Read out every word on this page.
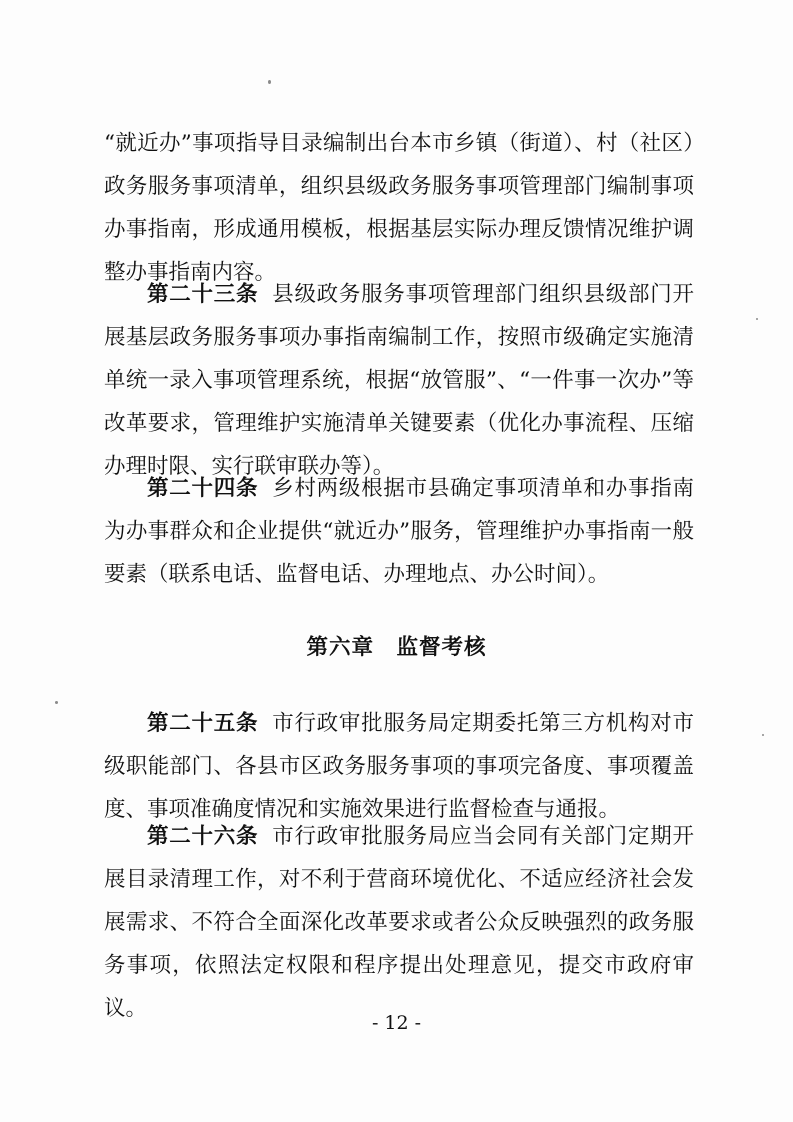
“就近办”事项指导目录编制出台本市乡镇（街道）、村（社区）政务服务事项清单，组织县级政务服务事项管理部门编制事项办事指南，形成通用模板，根据基层实际办理反馈情况维护调整办事指南内容。

第二十三条 县级政务服务事项管理部门组织县级部门开展基层政务服务事项办事指南编制工作，按照市级确定实施清单统一录入事项管理系统，根据“放管服”、“一件事一次办”等改革要求，管理维护实施清单关键要素（优化办事流程、压缩办理时限、实行联审联办等）。

第二十四条 乡村两级根据市县确定事项清单和办事指南为办事群众和企业提供“就近办”服务，管理维护办事指南一般要素（联系电话、监督电话、办理地点、办公时间）。

第六章　监督考核

第二十五条 市行政审批服务局定期委托第三方机构对市级职能部门、各县市区政务服务事项的事项完备度、事项覆盖度、事项准确度情况和实施效果进行监督检查与通报。

第二十六条 市行政审批服务局应当会同有关部门定期开展目录清理工作，对不利于营商环境优化、不适应经济社会发展需求、不符合全面深化改革要求或者公众反映强烈的政务服务事项，依照法定权限和程序提出处理意见，提交市政府审议。

- 12 -
